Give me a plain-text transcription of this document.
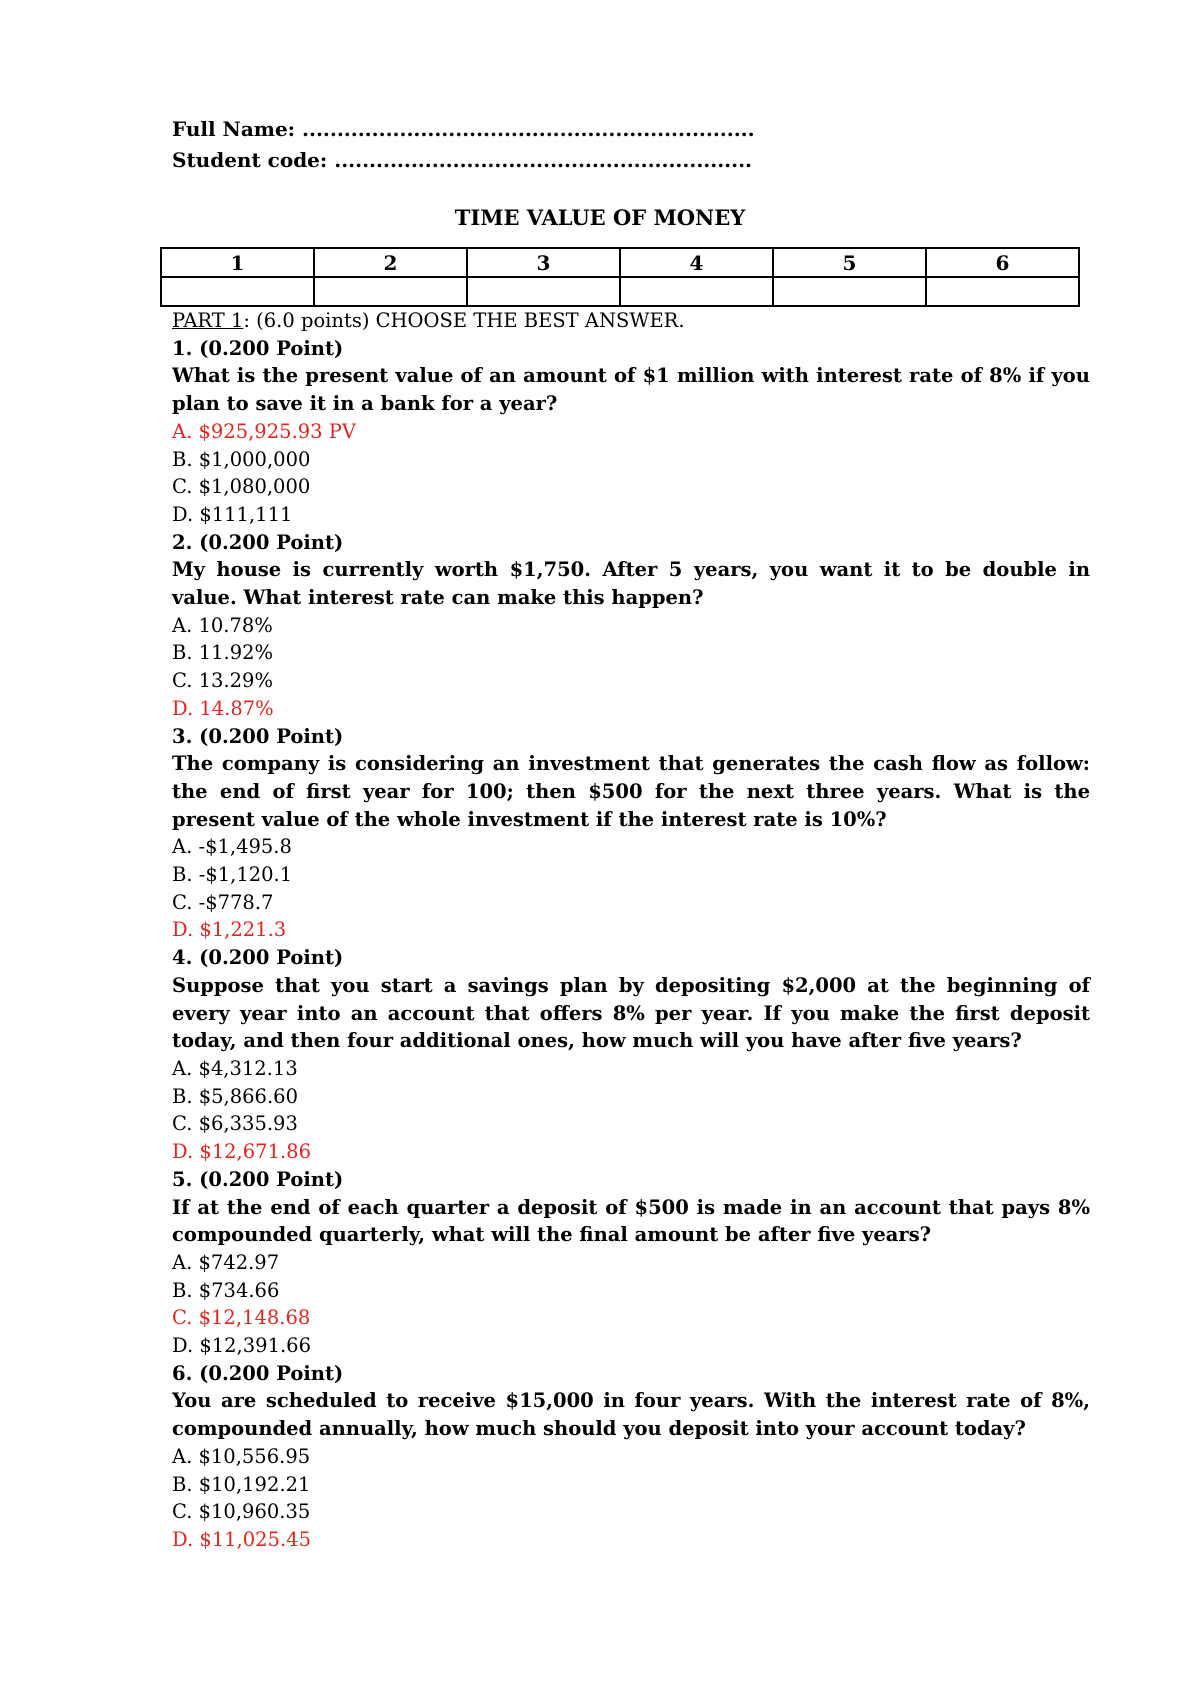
Full Name: .................................................................
Student code: ............................................................
TIME VALUE OF MONEY
1	2	3	4	5	6

PART 1: (6.0 points) CHOOSE THE BEST ANSWER.
1. (0.200 Point)
What is the present value of an amount of $1 million with interest rate of 8% if you plan to save it in a bank for a year?
A. $925,925.93 PV
B. $1,000,000
C. $1,080,000
D. $111,111
2. (0.200 Point)
My house is currently worth $1,750. After 5 years, you want it to be double in value. What interest rate can make this happen?
A. 10.78%
B. 11.92%
C. 13.29%
D. 14.87%
3. (0.200 Point)
The company is considering an investment that generates the cash flow as follow: the end of first year for 100; then $500 for the next three years. What is the present value of the whole investment if the interest rate is 10%?
A. -$1,495.8
B. -$1,120.1
C. -$778.7
D. $1,221.3
4. (0.200 Point)
Suppose that you start a savings plan by depositing $2,000 at the beginning of every year into an account that offers 8% per year. If you make the first deposit today, and then four additional ones, how much will you have after five years?
A. $4,312.13
B. $5,866.60
C. $6,335.93
D. $12,671.86
5. (0.200 Point)
If at the end of each quarter a deposit of $500 is made in an account that pays 8% compounded quarterly, what will the final amount be after five years?
A. $742.97
B. $734.66
C. $12,148.68
D. $12,391.66
6. (0.200 Point)
You are scheduled to receive $15,000 in four years. With the interest rate of 8%, compounded annually, how much should you deposit into your account today?
A. $10,556.95
B. $10,192.21
C. $10,960.35
D. $11,025.45
